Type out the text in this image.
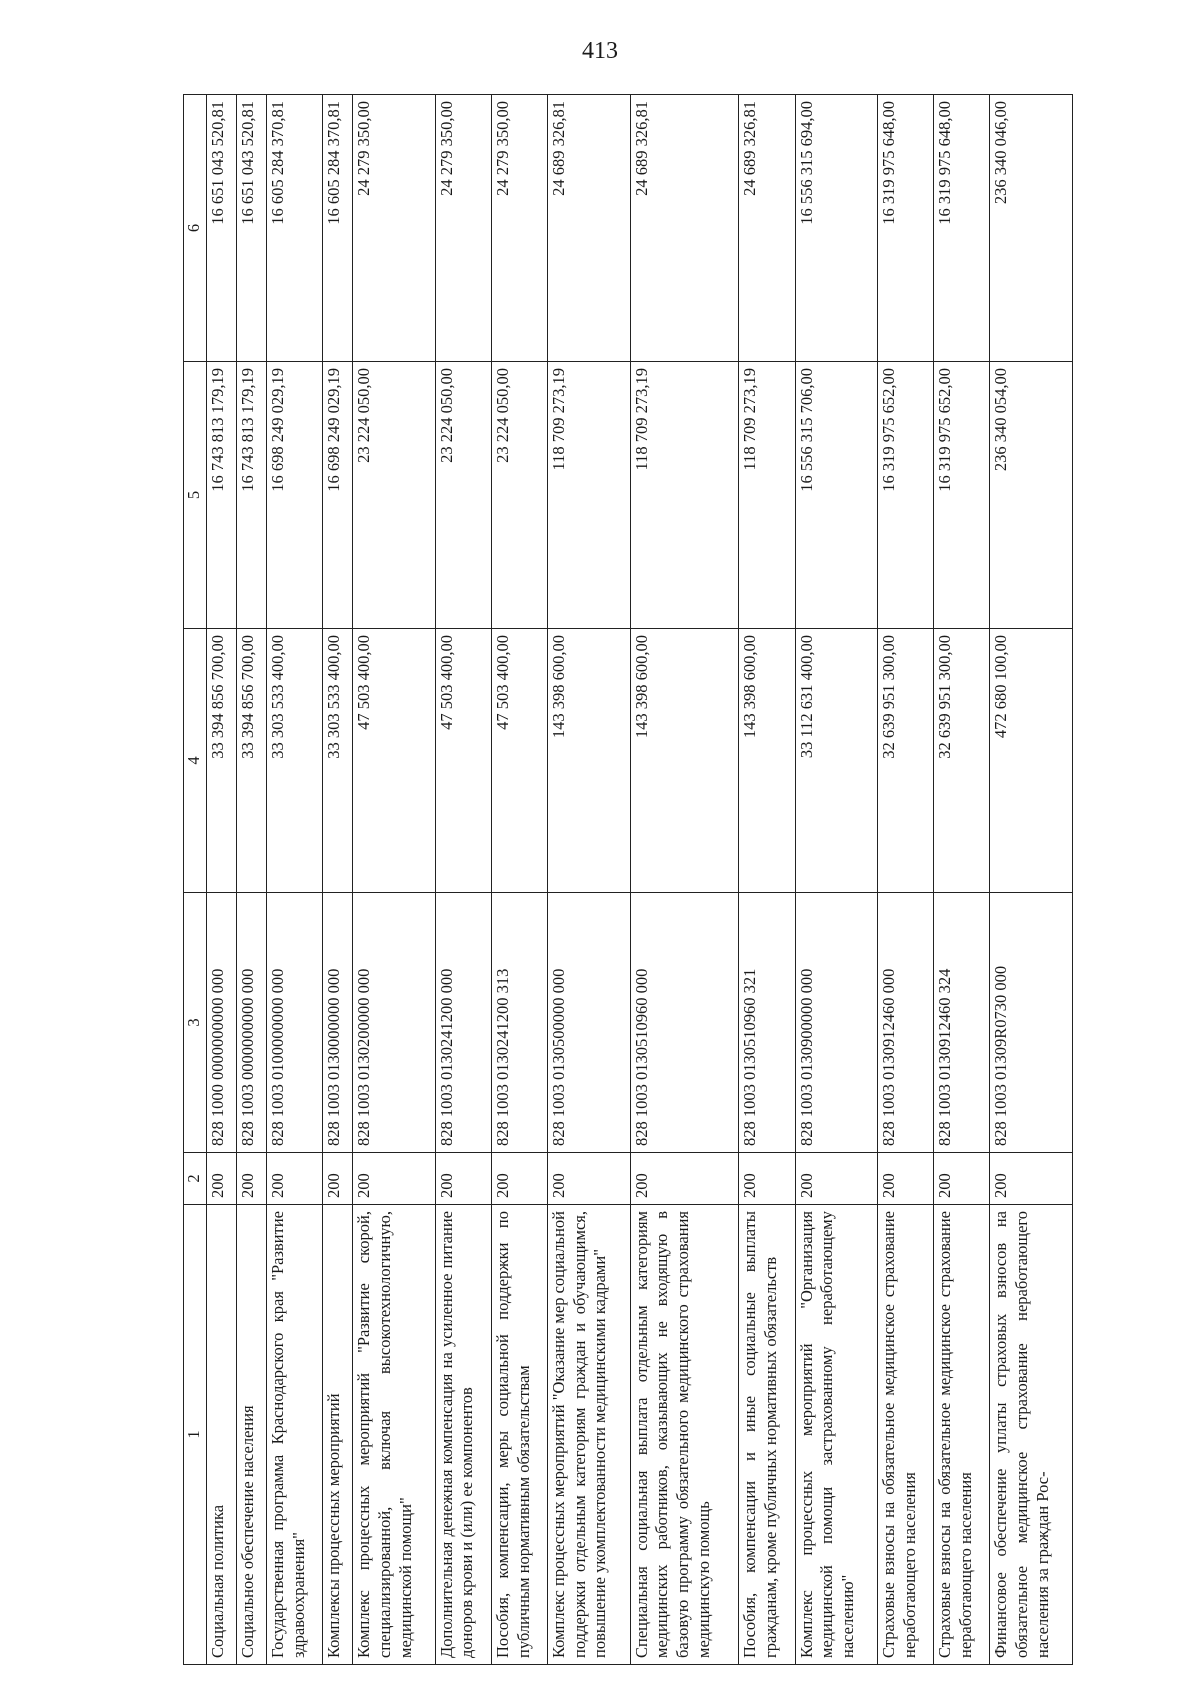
413
1	2	3	4	5	6
Социальная политика	200	828 1000 0000000000 000	33 394 856 700,00	16 743 813 179,19	16 651 043 520,81
Социальное обеспечение населения	200	828 1003 0000000000 000	33 394 856 700,00	16 743 813 179,19	16 651 043 520,81
Государственная программа Краснодарского края "Развитие здравоохранения"	200	828 1003 0100000000 000	33 303 533 400,00	16 698 249 029,19	16 605 284 370,81
Комплексы процессных мероприятий	200	828 1003 0130000000 000	33 303 533 400,00	16 698 249 029,19	16 605 284 370,81
Комплекс процессных мероприятий "Развитие скорой, специализированной, включая высокотехнологичную, медицинской помощи"	200	828 1003 0130200000 000	47 503 400,00	23 224 050,00	24 279 350,00
Дополнительная денежная компенсация на усиленное питание доноров крови и (или) ее компонентов	200	828 1003 0130241200 000	47 503 400,00	23 224 050,00	24 279 350,00
Пособия, компенсации, меры социальной поддержки по публичным нормативным обязательствам	200	828 1003 0130241200 313	47 503 400,00	23 224 050,00	24 279 350,00
Комплекс процессных мероприятий "Оказание мер социальной поддержки отдельным категориям граждан и обучающимся, повышение укомплектованности медицинскими кадрами"	200	828 1003 0130500000 000	143 398 600,00	118 709 273,19	24 689 326,81
Специальная социальная выплата отдельным категориям медицинских работников, оказывающих не входящую в базовую программу обязательного медицинского страхования медицинскую помощь	200	828 1003 0130510960 000	143 398 600,00	118 709 273,19	24 689 326,81
Пособия, компенсации и иные социальные выплаты гражданам, кроме публичных нормативных обязательств	200	828 1003 0130510960 321	143 398 600,00	118 709 273,19	24 689 326,81
Комплекс процессных мероприятий "Организация медицинской помощи застрахованному неработающему населению"	200	828 1003 0130900000 000	33 112 631 400,00	16 556 315 706,00	16 556 315 694,00
Страховые взносы на обязательное медицинское страхование неработающего населения	200	828 1003 0130912460 000	32 639 951 300,00	16 319 975 652,00	16 319 975 648,00
Страховые взносы на обязательное медицинское страхование неработающего населения	200	828 1003 0130912460 324	32 639 951 300,00	16 319 975 652,00	16 319 975 648,00
Финансовое обеспечение уплаты страховых взносов на обязательное медицинское страхование неработающего населения за граждан Рос-	200	828 1003 01309R0730 000	472 680 100,00	236 340 054,00	236 340 046,00
